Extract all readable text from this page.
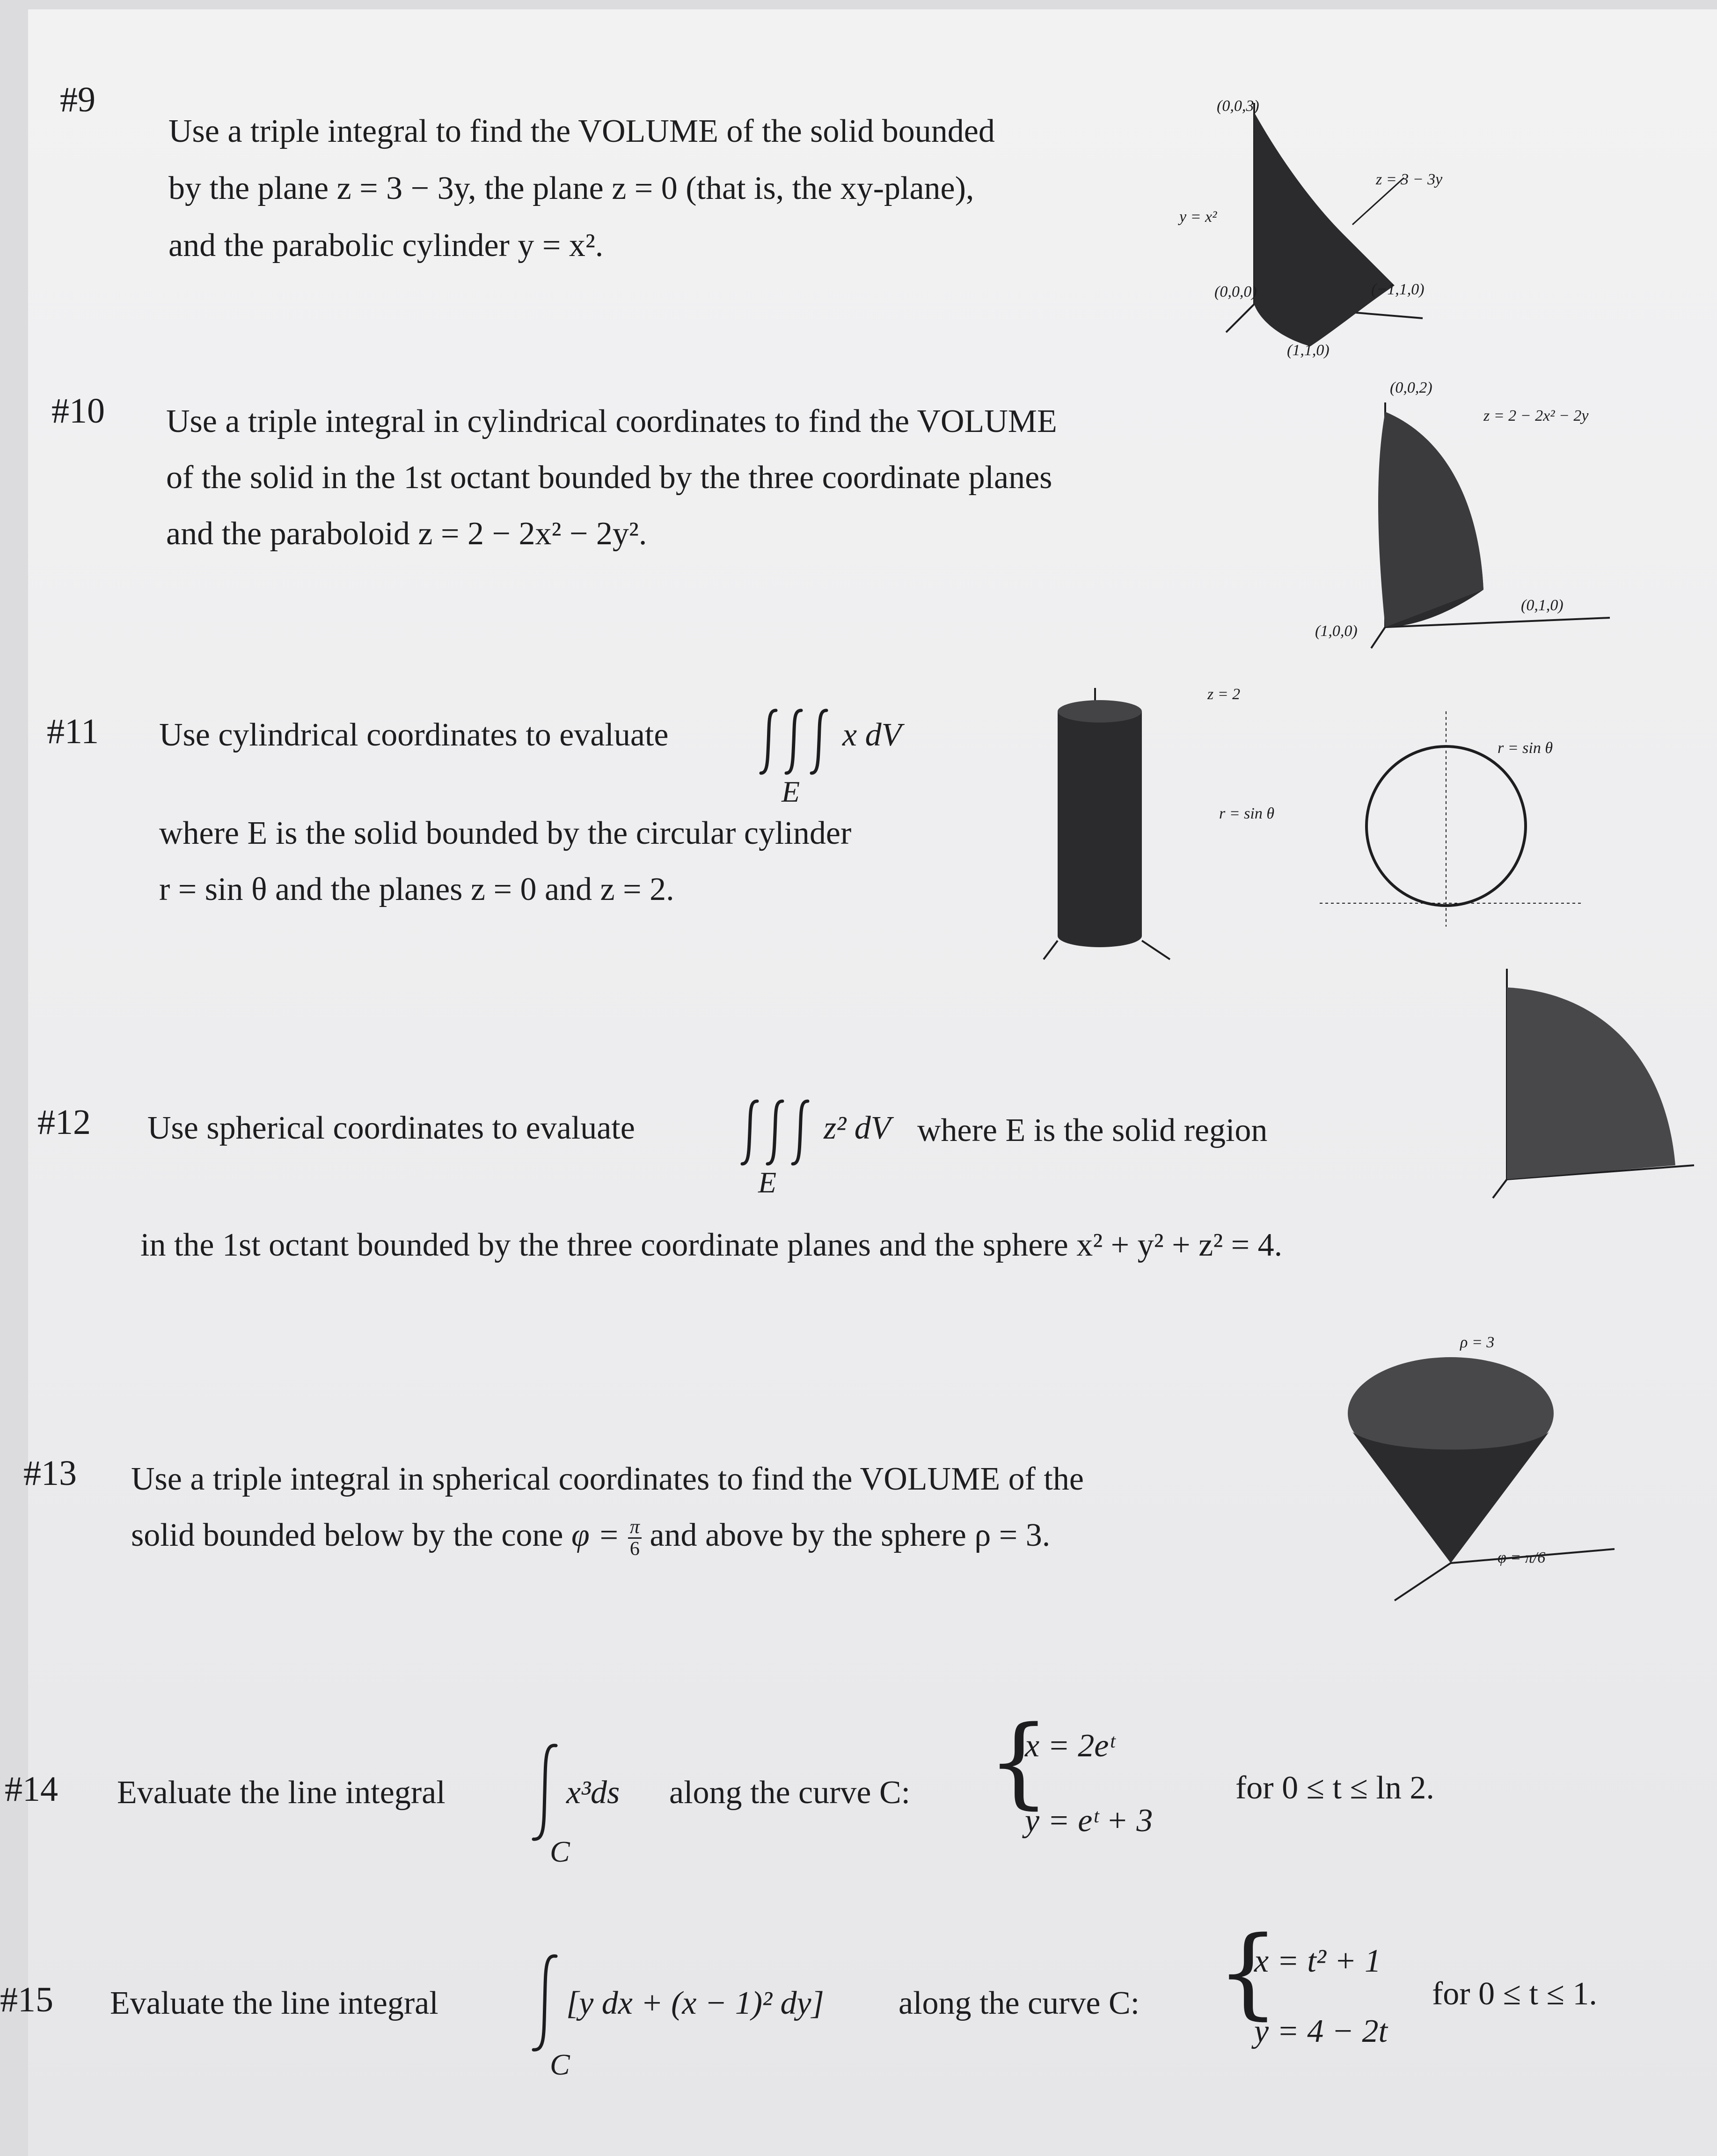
#9
Use a triple integral to find the VOLUME of the solid bounded
by the plane z = 3 − 3y, the plane z = 0 (that is, the xy-plane),
and the parabolic cylinder y = x².
#10 Use a triple integral in cylindrical coordinates to find the VOLUME
of the solid in the 1st octant bounded by the three coordinate planes
and the paraboloid z = 2 − 2x² − 2y².
#11 Use cylindrical coordinates to evaluate	x dV
E
where E is the solid bounded by the circular cylinder
r = sin θ and the planes z = 0 and z = 2.
#12 Use spherical coordinates to evaluate	z² dV where E is the solid region
E
in the 1st octant bounded by the three coordinate planes and the sphere x² + y² + z² = 4.
#13 Use a triple integral in spherical coordinates to find the VOLUME of the
solid bounded below by the cone $\varphi = \frac{\pi}{6}$ and above by the sphere ρ = 3.
#14 Evaluate the line integral	x³ds
C
along the curve C: {
x = 2eᵗ
y = eᵗ + 3
for 0 ≤ t ≤ ln 2.
#15 Evaluate the line integral	[y dx + (x − 1)² dy]
C
along the curve C: {
x = t² + 1
y = 4 − 2t
for 0 ≤ t ≤ 1.
(0,0,3)
z = 3 − 3y
y = x²
(0,0,0)	(−1,1,0)
(1,1,0)
(0,0,2)
z = 2 − 2x² − 2y
(1,0,0)
(0,1,0)
z = 2
r = sin θ
r = sin θ
ρ = 3
φ = π/6
